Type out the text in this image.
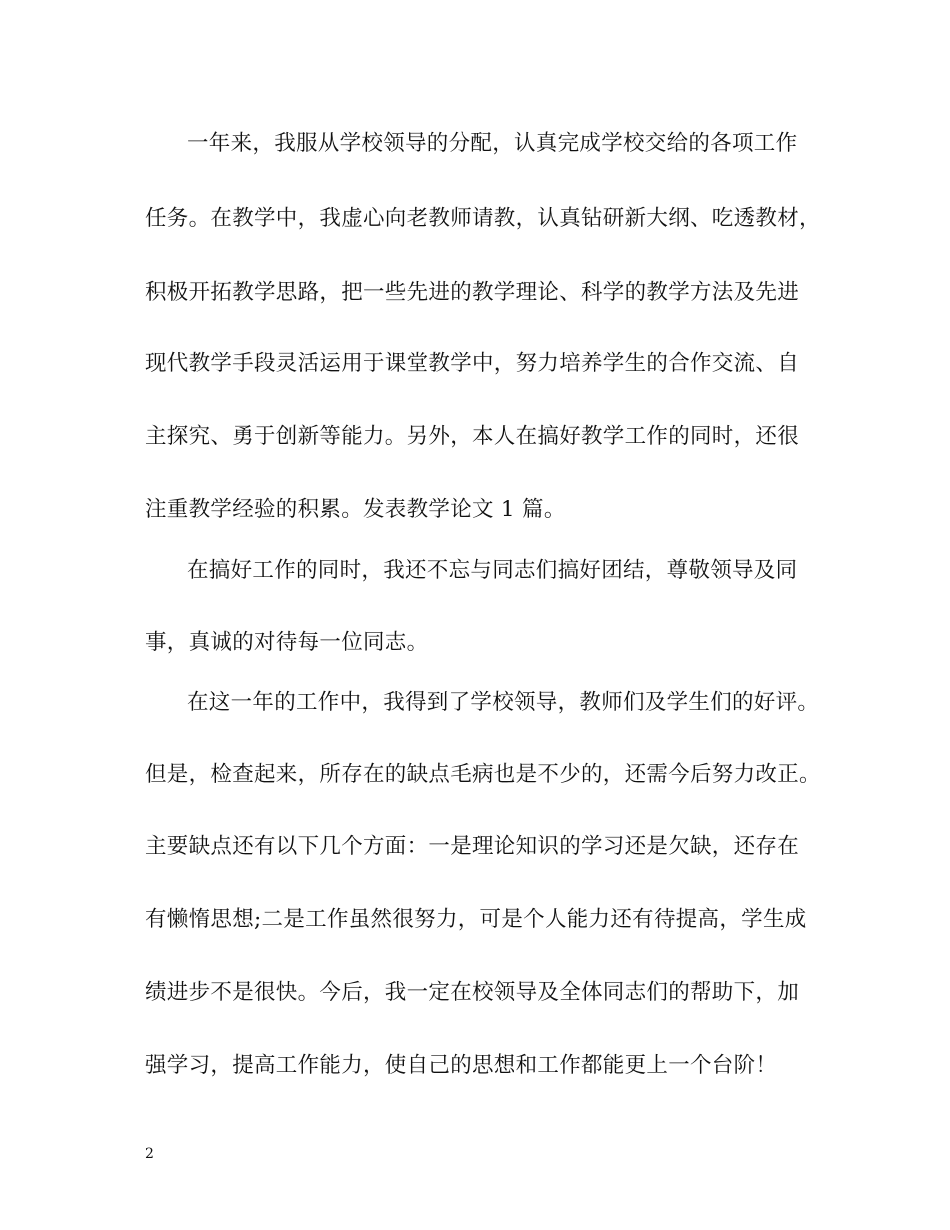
一年来，我服从学校领导的分配，认真完成学校交给的各项工作
任务。在教学中，我虚心向老教师请教，认真钻研新大纲、吃透教材，
积极开拓教学思路，把一些先进的教学理论、科学的教学方法及先进
现代教学手段灵活运用于课堂教学中，努力培养学生的合作交流、自
主探究、勇于创新等能力。另外，本人在搞好教学工作的同时，还很
注重教学经验的积累。发表教学论文 1 篇。
在搞好工作的同时，我还不忘与同志们搞好团结，尊敬领导及同
事，真诚的对待每一位同志。
在这一年的工作中，我得到了学校领导，教师们及学生们的好评。
但是，检查起来，所存在的缺点毛病也是不少的，还需今后努力改正。
主要缺点还有以下几个方面：一是理论知识的学习还是欠缺，还存在
有懒惰思想;二是工作虽然很努力，可是个人能力还有待提高，学生成
绩进步不是很快。今后，我一定在校领导及全体同志们的帮助下，加
强学习，提高工作能力，使自己的思想和工作都能更上一个台阶！
2
